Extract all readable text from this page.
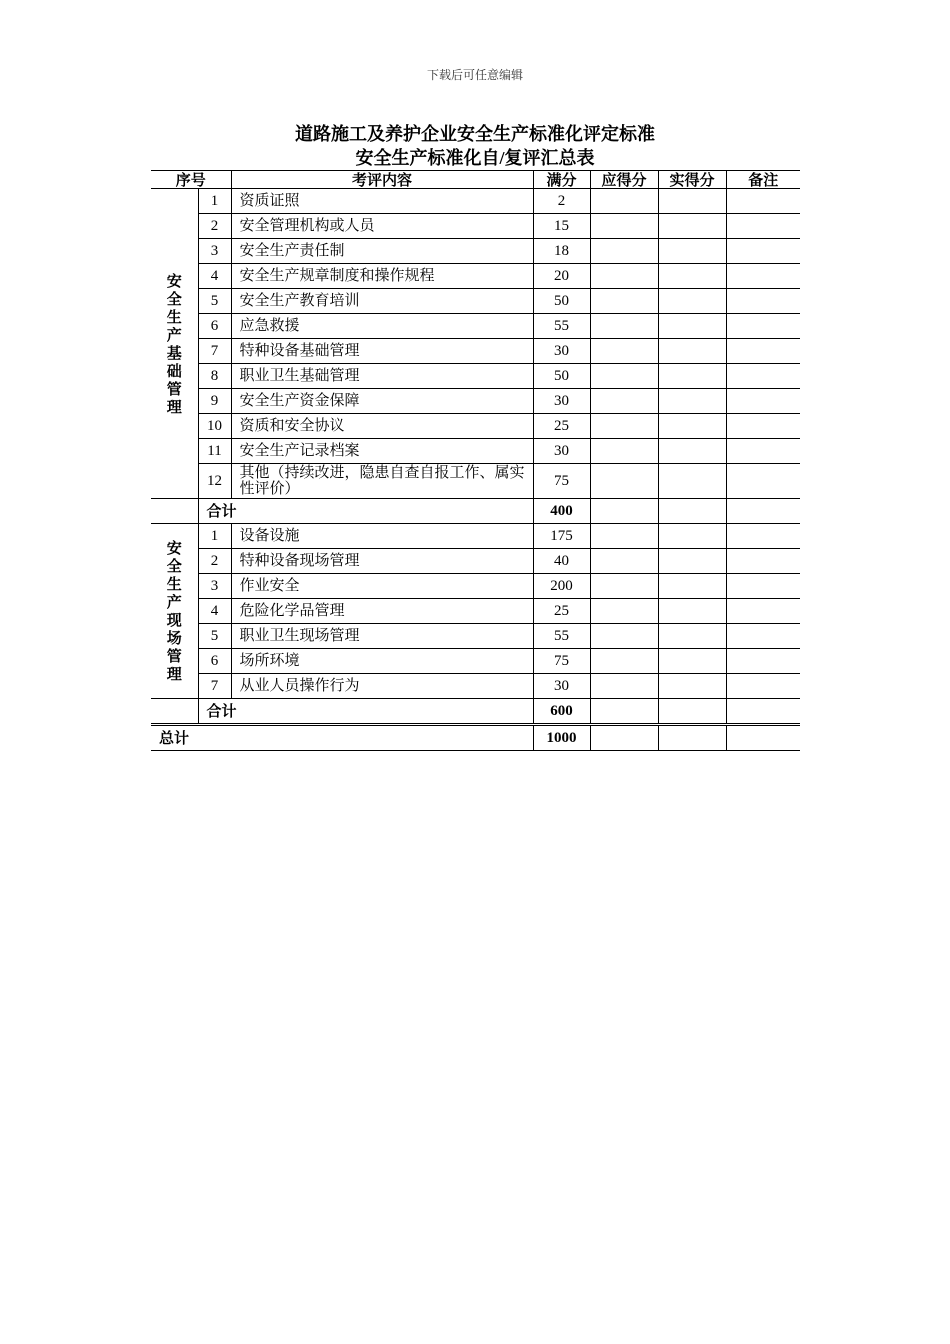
下载后可任意编辑
道路施工及养护企业安全生产标准化评定标准
安全生产标准化自/复评汇总表
序号		考评内容	满分	应得分	实得分	备注
安全生产基础管理	1	资质证照	2			
	2	安全管理机构或人员	15			
	3	安全生产责任制	18			
	4	安全生产规章制度和操作规程	20			
	5	安全生产教育培训	50			
	6	应急救援	55			
	7	特种设备基础管理	30			
	8	职业卫生基础管理	50			
	9	安全生产资金保障	30			
	10	资质和安全协议	25			
	11	安全生产记录档案	30			
	12	其他（持续改进，隐患自查自报工作、属实性评价）	75			
	合计		400			
安全生产现场管理	1	设备设施	175			
	2	特种设备现场管理	40			
	3	作业安全	200			
	4	危险化学品管理	25			
	5	职业卫生现场管理	55			
	6	场所环境	75			
	7	从业人员操作行为	30			
	合计		600			
总计			1000			
